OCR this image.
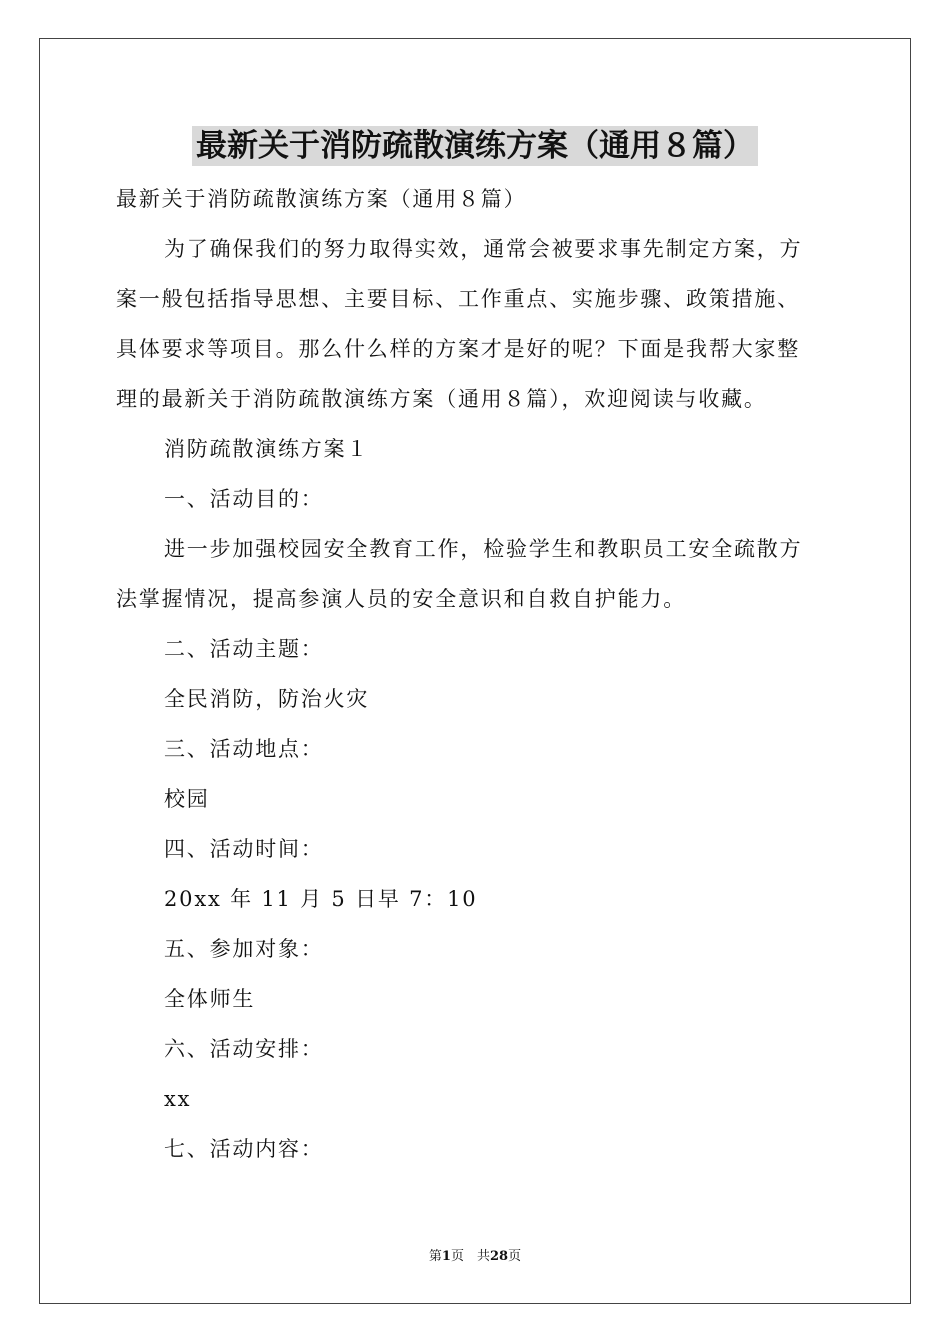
最新关于消防疏散演练方案（通用８篇）
最新关于消防疏散演练方案（通用８篇）
为了确保我们的努力取得实效，通常会被要求事先制定方案，方
案一般包括指导思想、主要目标、工作重点、实施步骤、政策措施、
具体要求等项目。那么什么样的方案才是好的呢？下面是我帮大家整
理的最新关于消防疏散演练方案（通用８篇），欢迎阅读与收藏。
消防疏散演练方案１
一、活动目的：
进一步加强校园安全教育工作，检验学生和教职员工安全疏散方
法掌握情况，提高参演人员的安全意识和自救自护能力。
二、活动主题：
全民消防，防治火灾
三、活动地点：
校园
四、活动时间：
20xx 年 11 月 5 日早 7：10
五、参加对象：
全体师生
六、活动安排：
xx
七、活动内容：
第1页　共28页
